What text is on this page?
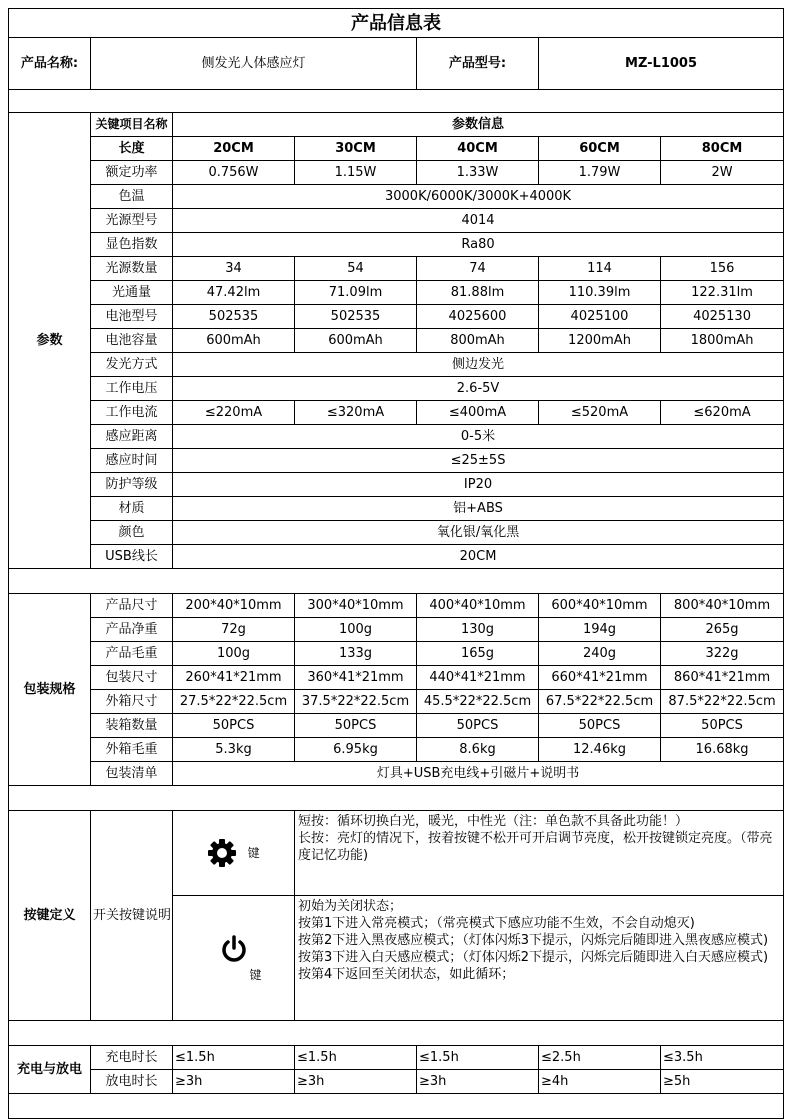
产品信息表						
产品名称:	侧发光人体感应灯			产品型号:	MZ-L1005	

参数	关键项目名称	参数信息				
	长度	20CM	30CM	40CM	60CM	80CM
	额定功率	0.756W	1.15W	1.33W	1.79W	2W
	色温	3000K/6000K/3000K+4000K				
	光源型号	4014				
	显色指数	Ra80				
	光源数量	34	54	74	114	156
	光通量	47.42lm	71.09lm	81.88lm	110.39lm	122.31lm
	电池型号	502535	502535	4025600	4025100	4025130
	电池容量	600mAh	600mAh	800mAh	1200mAh	1800mAh
	发光方式	侧边发光				
	工作电压	2.6-5V				
	工作电流	≤220mA	≤320mA	≤400mA	≤520mA	≤620mA
	感应距离	0-5米				
	感应时间	≤25±5S				
	防护等级	IP20				
	材质	铝+ABS				
	颜色	氧化银/氧化黑				
	USB线长	20CM				

包装规格	产品尺寸	200*40*10mm	300*40*10mm	400*40*10mm	600*40*10mm	800*40*10mm
	产品净重	72g	100g	130g	194g	265g
	产品毛重	100g	133g	165g	240g	322g
	包装尺寸	260*41*21mm	360*41*21mm	440*41*21mm	660*41*21mm	860*41*21mm
	外箱尺寸	27.5*22*22.5cm	37.5*22*22.5cm	45.5*22*22.5cm	67.5*22*22.5cm	87.5*22*22.5cm
	装箱数量	50PCS	50PCS	50PCS	50PCS	50PCS
	外箱毛重	5.3kg	6.95kg	8.6kg	12.46kg	16.68kg
	包装清单	灯具+USB充电线+引磁片+说明书				

按键定义	开关按键说明	键	短按：循环切换白光，暖光，中性光（注：单色款不具备此功能！）
长按：亮灯的情况下，按着按键不松开可开启调节亮度，松开按键锁定亮度。（带亮度记忆功能)			

		键	初始为关闭状态；
按第1下进入常亮模式；（常亮模式下感应功能不生效，不会自动熄灭)
按第2下进入黑夜感应模式；（灯体闪烁3下提示，闪烁完后随即进入黑夜感应模式)
按第3下进入白天感应模式；（灯体闪烁2下提示，闪烁完后随即进入白天感应模式)
按第4下返回至关闭状态，如此循环；			

充电与放电	充电时长	≤1.5h	≤1.5h	≤1.5h	≤2.5h	≤3.5h
	放电时长	≥3h	≥3h	≥3h	≥4h	≥5h
